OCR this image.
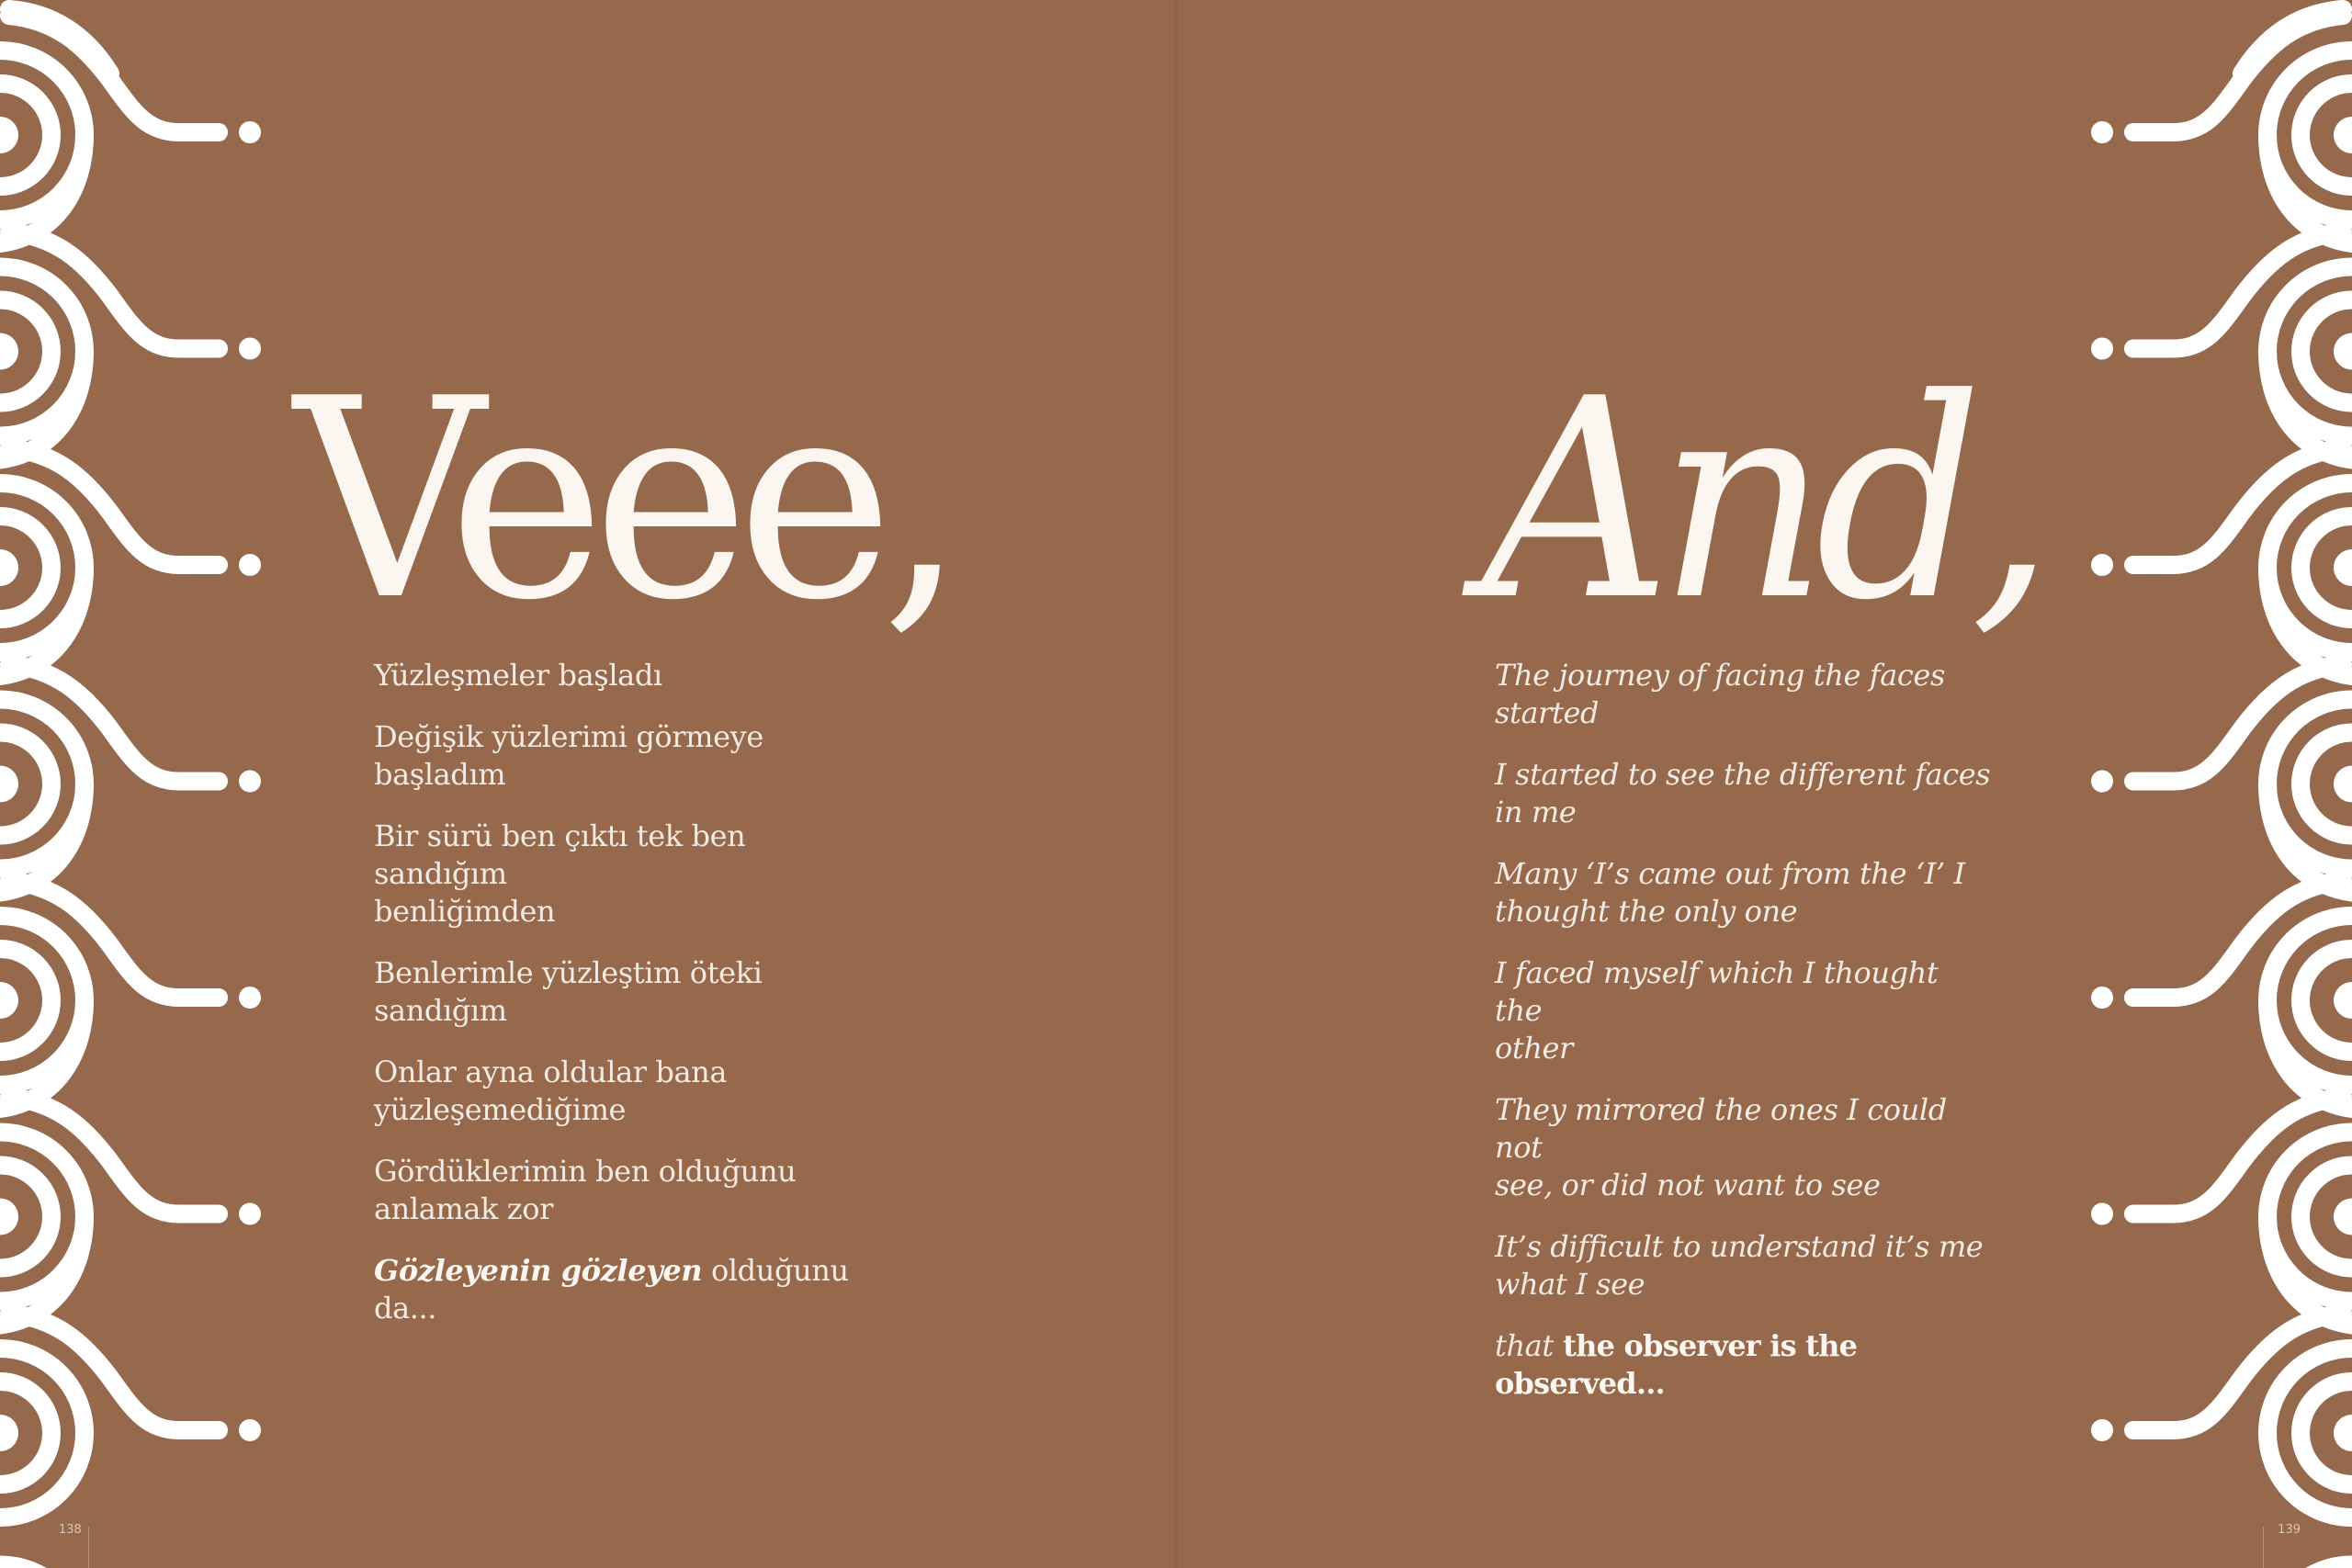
Veee,

Yüzleşmeler başladı

Değişik yüzlerimi görmeye
başladım

Bir sürü ben çıktı tek ben sandığım
benliğimden

Benlerimle yüzleştim öteki
sandığım

Onlar ayna oldular bana
yüzleşemediğime

Gördüklerimin ben olduğunu
anlamak zor

Gözleyenin gözleyen olduğunu
da...

138
And,

The journey of facing the faces
started

I started to see the different faces
in me

Many ‘I’s came out from the ‘I’ I
thought the only one

I faced myself which I thought the
other

They mirrored the ones I could not
see, or did not want to see

It’s difficult to understand it’s me
what I see

that the observer is the observed...

139
